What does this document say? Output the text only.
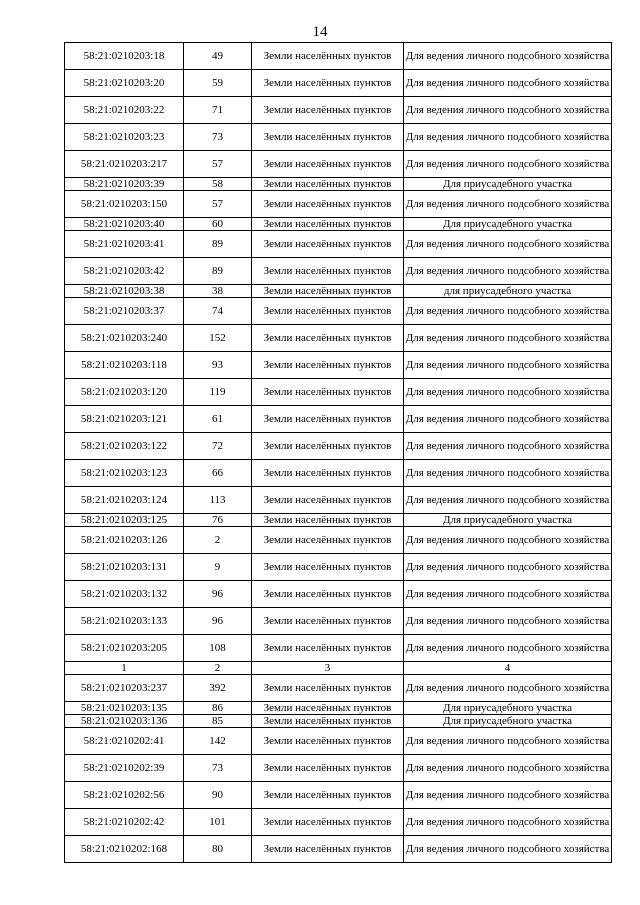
14
58:21:0210203:18	49	Земли населённых пунктов	Для ведения личного подсобного хозяйства
58:21:0210203:20	59	Земли населённых пунктов	Для ведения личного подсобного хозяйства
58:21:0210203:22	71	Земли населённых пунктов	Для ведения личного подсобного хозяйства
58:21:0210203:23	73	Земли населённых пунктов	Для ведения личного подсобного хозяйства
58:21:0210203:217	57	Земли населённых пунктов	Для ведения личного подсобного хозяйства
58:21:0210203:39	58	Земли населённых пунктов	Для приусадебного участка
58:21:0210203:150	57	Земли населённых пунктов	Для ведения личного подсобного хозяйства
58:21:0210203:40	60	Земли населённых пунктов	Для приусадебного участка
58:21:0210203:41	89	Земли населённых пунктов	Для ведения личного подсобного хозяйства
58:21:0210203:42	89	Земли населённых пунктов	Для ведения личного подсобного хозяйства
58:21:0210203:38	38	Земли населённых пунктов	для приусадебного участка
58:21:0210203:37	74	Земли населённых пунктов	Для ведения личного подсобного хозяйства
58:21:0210203:240	152	Земли населённых пунктов	Для ведения личного подсобного хозяйства
58:21:0210203:118	93	Земли населённых пунктов	Для ведения личного подсобного хозяйства
58:21:0210203:120	119	Земли населённых пунктов	Для ведения личного подсобного хозяйства
58:21:0210203:121	61	Земли населённых пунктов	Для ведения личного подсобного хозяйства
58:21:0210203:122	72	Земли населённых пунктов	Для ведения личного подсобного хозяйства
58:21:0210203:123	66	Земли населённых пунктов	Для ведения личного подсобного хозяйства
58:21:0210203:124	113	Земли населённых пунктов	Для ведения личного подсобного хозяйства
58:21:0210203:125	76	Земли населённых пунктов	Для приусадебного участка
58:21:0210203:126	2	Земли населённых пунктов	Для ведения личного подсобного хозяйства
58:21:0210203:131	9	Земли населённых пунктов	Для ведения личного подсобного хозяйства
58:21:0210203:132	96	Земли населённых пунктов	Для ведения личного подсобного хозяйства
58:21:0210203:133	96	Земли населённых пунктов	Для ведения личного подсобного хозяйства
58:21:0210203:205	108	Земли населённых пунктов	Для ведения личного подсобного хозяйства
1	2	3	4
58:21:0210203:237	392	Земли населённых пунктов	Для ведения личного подсобного хозяйства
58:21:0210203:135	86	Земли населённых пунктов	Для приусадебного участка
58:21:0210203:136	85	Земли населённых пунктов	Для приусадебного участка
58:21:0210202:41	142	Земли населённых пунктов	Для ведения личного подсобного хозяйства
58:21:0210202:39	73	Земли населённых пунктов	Для ведения личного подсобного хозяйства
58:21:0210202:56	90	Земли населённых пунктов	Для ведения личного подсобного хозяйства
58:21:0210202:42	101	Земли населённых пунктов	Для ведения личного подсобного хозяйства
58:21:0210202:168	80	Земли населённых пунктов	Для ведения личного подсобного хозяйства
